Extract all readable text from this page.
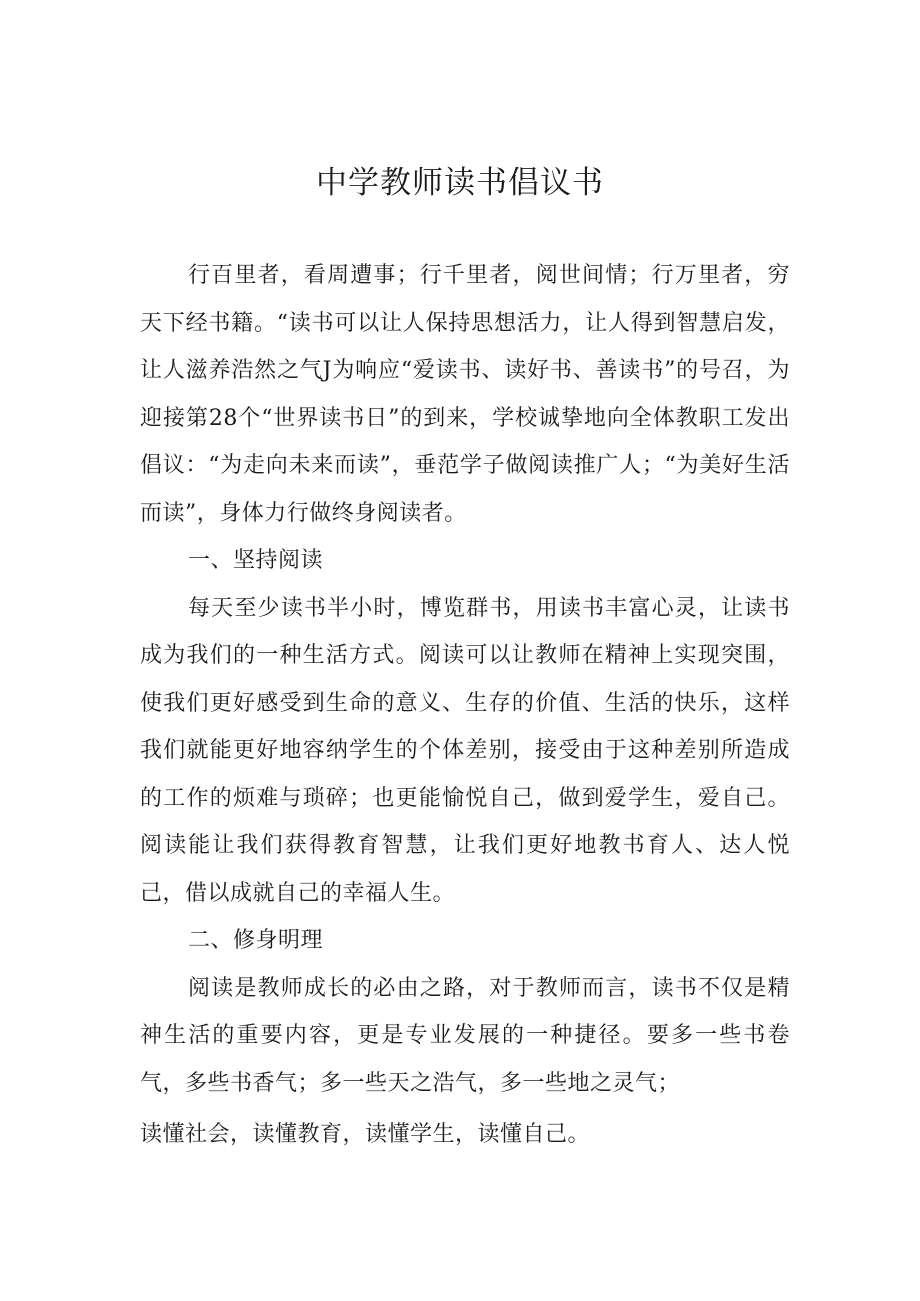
中学教师读书倡议书

行百里者，看周遭事；行千里者，阅世间情；行万里者，穷天下经书籍。“读书可以让人保持思想活力，让人得到智慧启发，让人滋养浩然之气J为响应“爱读书、读好书、善读书”的号召，为迎接第28个“世界读书日”的到来，学校诚挚地向全体教职工发出倡议：“为走向未来而读”，垂范学子做阅读推广人；“为美好生活而读”，身体力行做终身阅读者。

一、坚持阅读

每天至少读书半小时，博览群书，用读书丰富心灵，让读书成为我们的一种生活方式。阅读可以让教师在精神上实现突围，使我们更好感受到生命的意义、生存的价值、生活的快乐，这样我们就能更好地容纳学生的个体差别，接受由于这种差别所造成的工作的烦难与琐碎；也更能愉悦自己，做到爱学生，爱自己。阅读能让我们获得教育智慧，让我们更好地教书育人、达人悦己，借以成就自己的幸福人生。

二、修身明理

阅读是教师成长的必由之路，对于教师而言，读书不仅是精神生活的重要内容，更是专业发展的一种捷径。要多一些书卷气，多些书香气；多一些天之浩气，多一些地之灵气；

读懂社会，读懂教育，读懂学生，读懂自己。
